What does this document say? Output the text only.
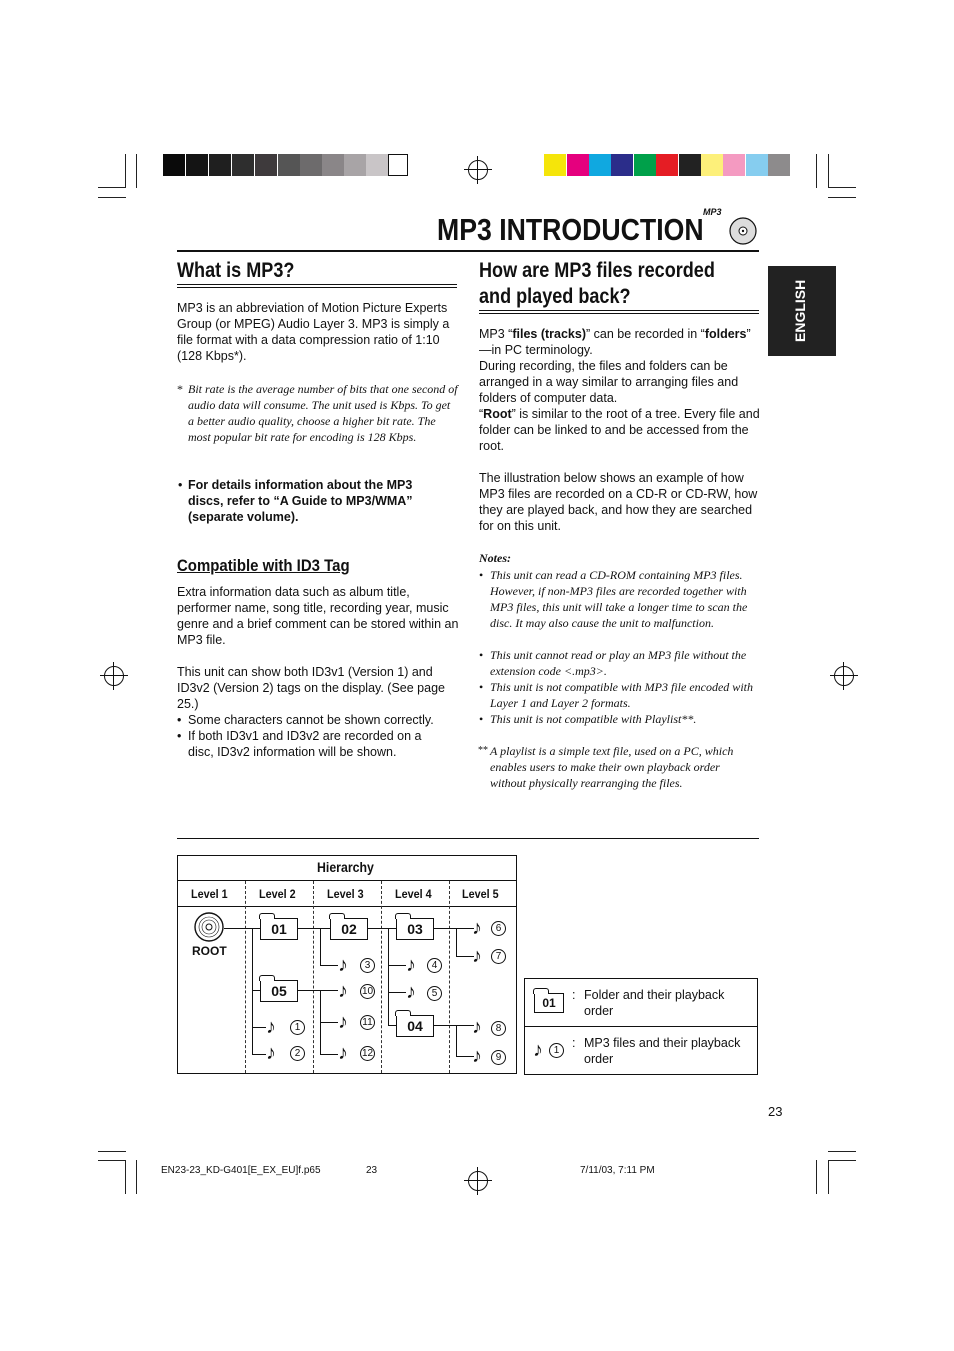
MP3 INTRODUCTION MP3
ENGLISH
What is MP3?
MP3 is an abbreviation of Motion Picture Experts Group (or MPEG) Audio Layer 3. MP3 is simply a file format with a data compression ratio of 1:10 (128 Kbps*).
* Bit rate is the average number of bits that one second of audio data will consume. The unit used is Kbps. To get a better audio quality, choose a higher bit rate. The most popular bit rate for encoding is 128 Kbps.
• For details information about the MP3 discs, refer to “A Guide to MP3/WMA” (separate volume).
Compatible with ID3 Tag
Extra information data such as album title, performer name, song title, recording year, music genre and a brief comment can be stored within an MP3 file.
This unit can show both ID3v1 (Version 1) and ID3v2 (Version 2) tags on the display. (See page 25.)
• Some characters cannot be shown correctly.
• If both ID3v1 and ID3v2 are recorded on a disc, ID3v2 information will be shown.
How are MP3 files recorded
and played back?
MP3 “files (tracks)” can be recorded in “folders” —in PC terminology.
During recording, the files and folders can be arranged in a way similar to arranging files and folders of computer data.
“Root” is similar to the root of a tree. Every file and folder can be linked to and be accessed from the root.
The illustration below shows an example of how MP3 files are recorded on a CD-R or CD-RW, how they are played back, and how they are searched for on this unit.
Notes:
• This unit can read a CD-ROM containing MP3 files. However, if non-MP3 files are recorded together with MP3 files, this unit will take a longer time to scan the disc. It may also cause the unit to malfunction.
• This unit cannot read or play an MP3 file without the extension code <.mp3>.
• This unit is not compatible with MP3 file encoded with Layer 1 and Layer 2 formats.
• This unit is not compatible with Playlist**.
** A playlist is a simple text file, used on a PC, which enables users to make their own playback order without physically rearranging the files.
Hierarchy
Level 1	Level 2	Level 3	Level 4	Level 5
ROOT
01	02	03
05
04
♪	6
♪	7
♪	3 ♪	4
♪ 10 ♪	5
♪	1 ♪ 11	♪	8
♪	2 ♪ 12	♪	9
01
: Folder and their playback order
♪	1
: MP3 files and their playback order
23
EN23-23_KD-G401[E_EX_EU]f.p65	23	7/11/03, 7:11 PM
